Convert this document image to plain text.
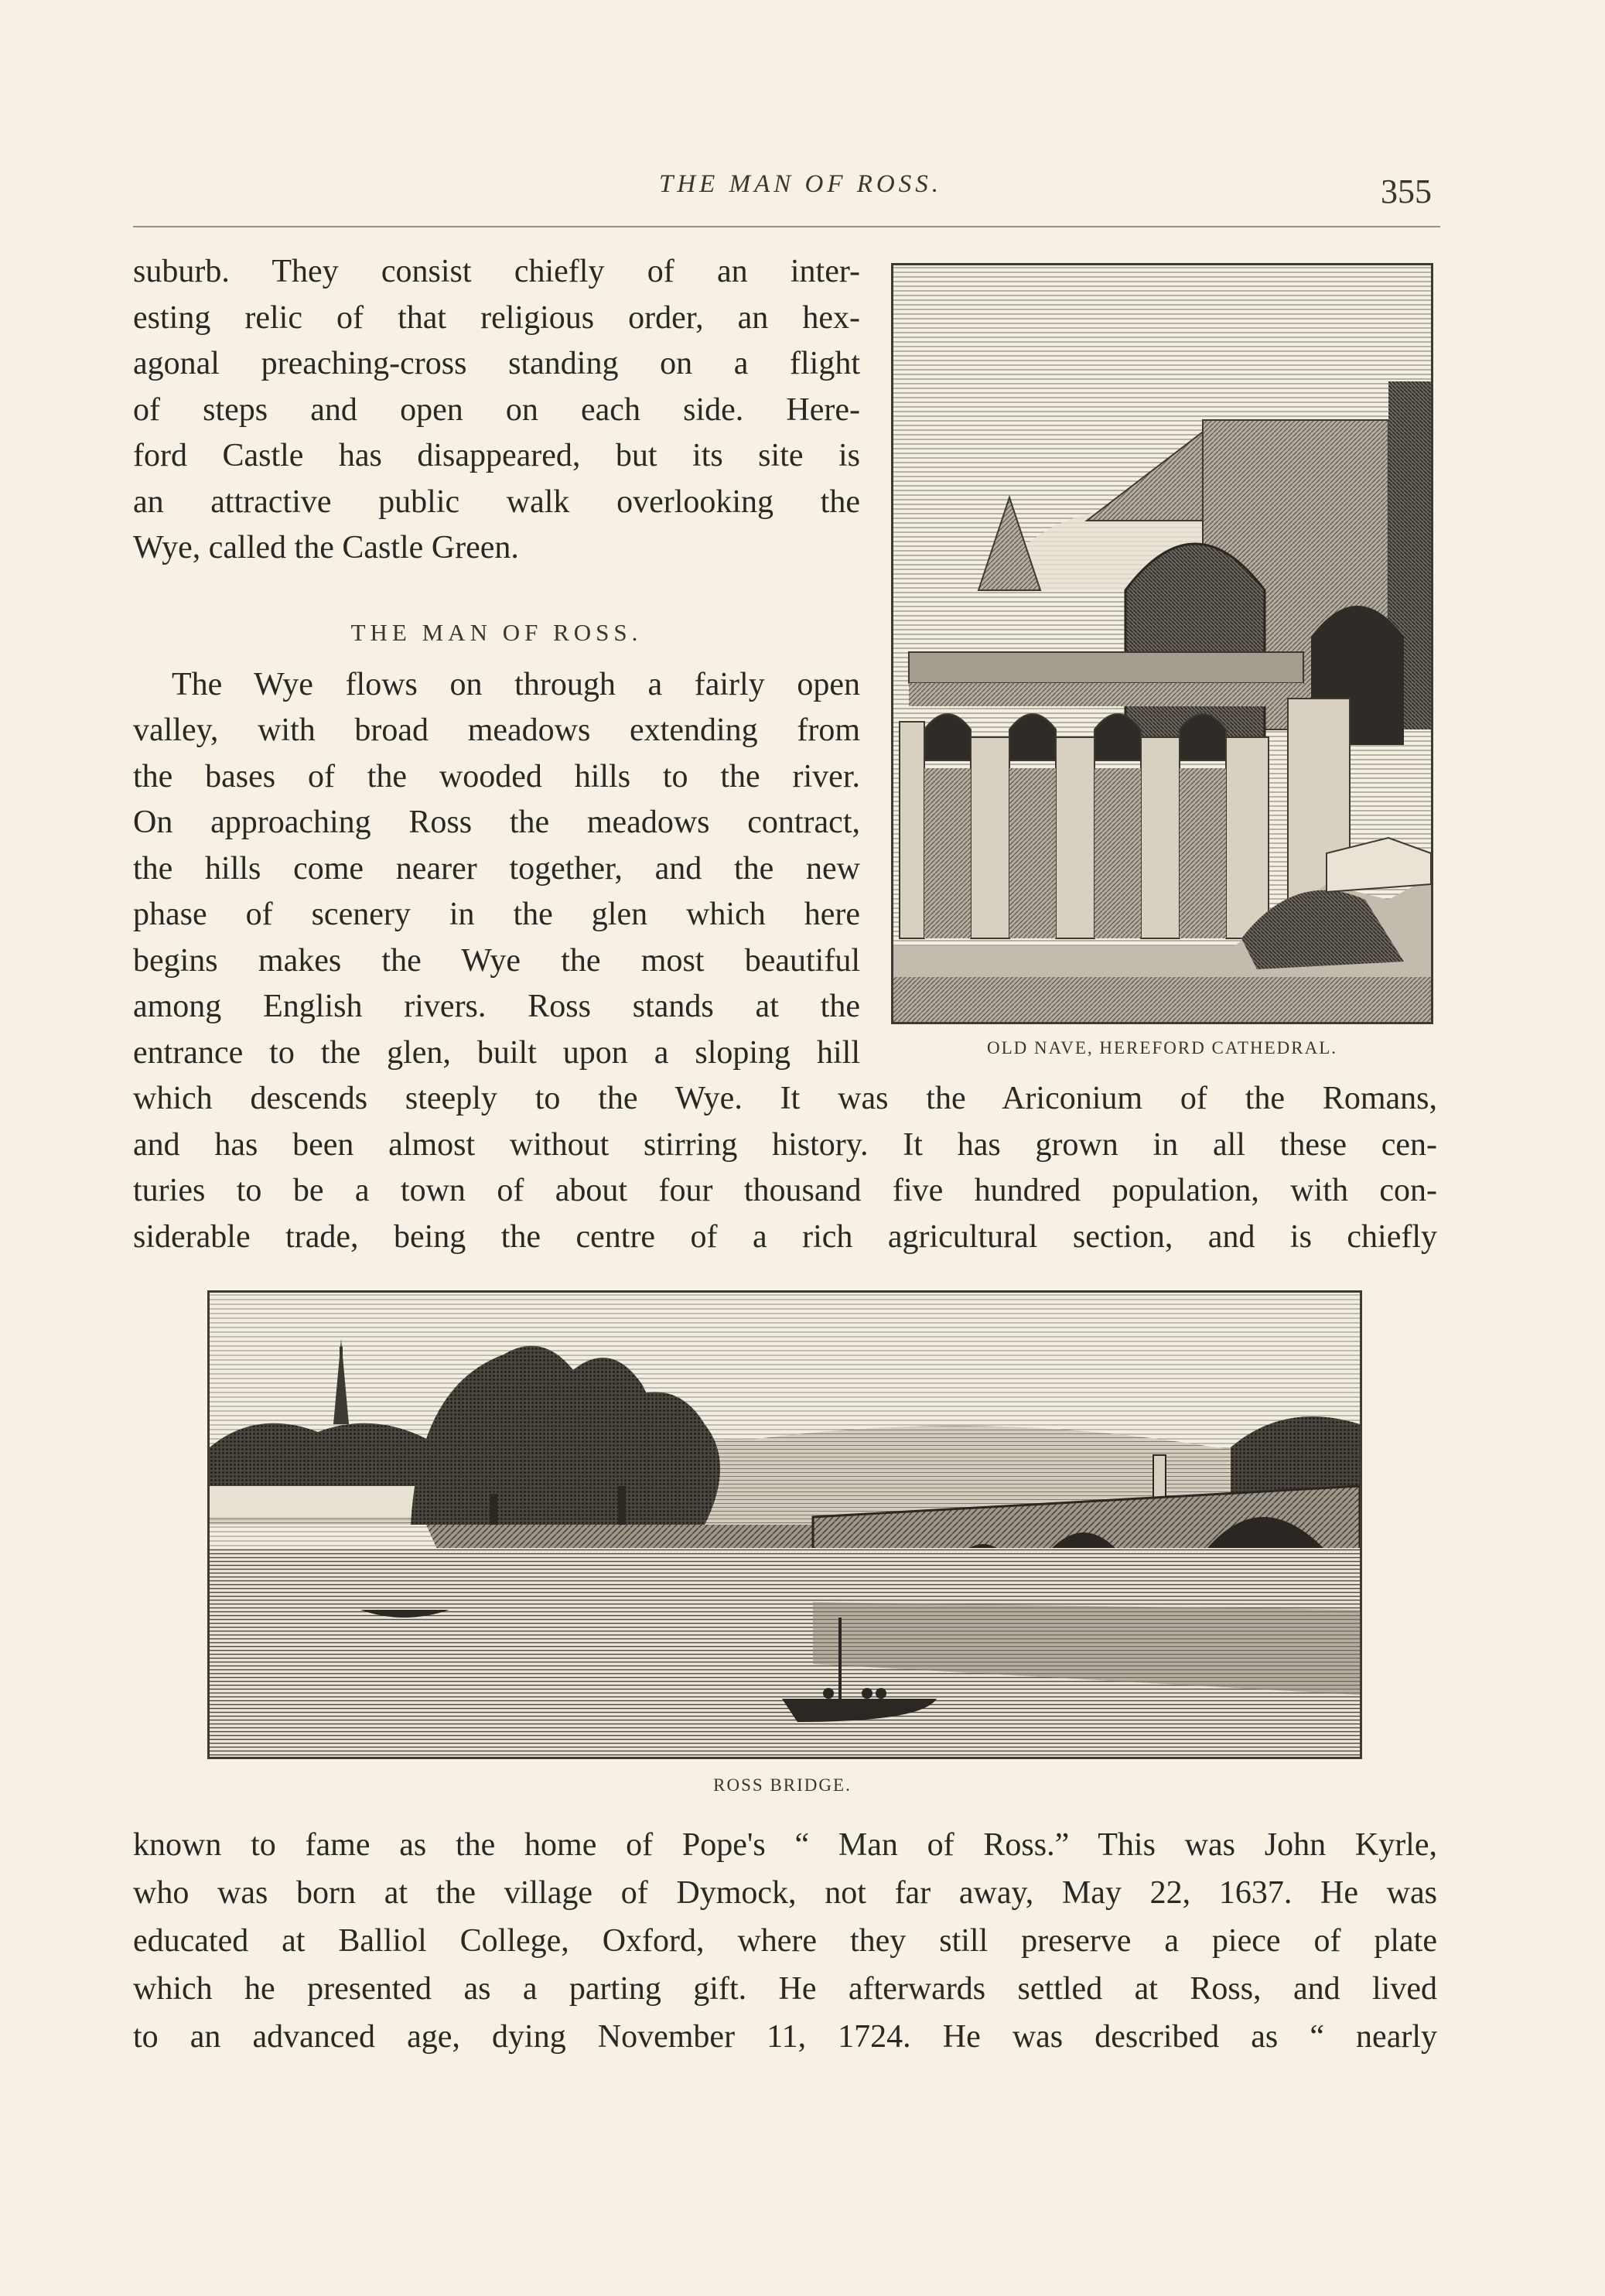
THE MAN OF ROSS.	355
suburb. They consist chiefly of an inter-
esting relic of that religious order, an hex-
agonal preaching-cross standing on a flight
of steps and open on each side. Here-
ford Castle has disappeared, but its site is
an attractive public walk overlooking the
Wye, called the Castle Green.
THE MAN OF ROSS.
The Wye flows on through a fairly open
valley, with broad meadows extending from
the bases of the wooded hills to the river.
On approaching Ross the meadows contract,
the hills come nearer together, and the new
phase of scenery in the glen which here
begins makes the Wye the most beautiful
among English rivers. Ross stands at the
entrance to the glen, built upon a sloping hill
which descends steeply to the Wye. It was the Ariconium of the Romans,
and has been almost without stirring history. It has grown in all these cen-
turies to be a town of about four thousand five hundred population, with con-
siderable trade, being the centre of a rich agricultural section, and is chiefly
OLD NAVE, HEREFORD CATHEDRAL.
ROSS BRIDGE.
known to fame as the home of Pope's “ Man of Ross.” This was John Kyrle,
who was born at the village of Dymock, not far away, May 22, 1637. He was
educated at Balliol College, Oxford, where they still preserve a piece of plate
which he presented as a parting gift. He afterwards settled at Ross, and lived
to an advanced age, dying November 11, 1724. He was described as “ nearly
